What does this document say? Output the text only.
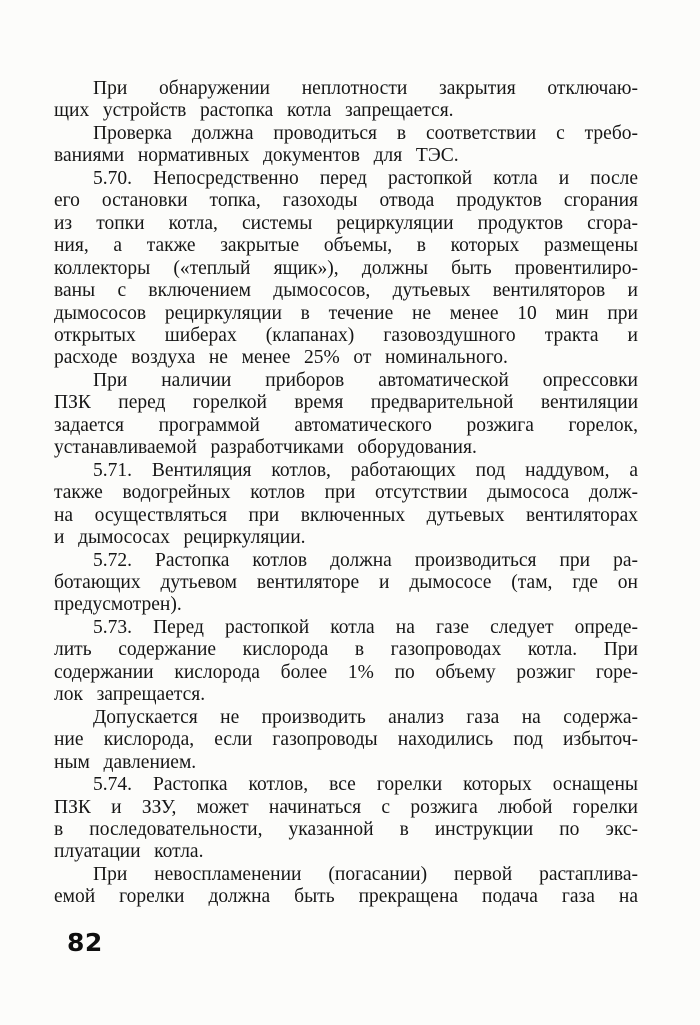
При обнаружении неплотности закрытия отключаю-
щих устройств растопка котла запрещается.
Проверка должна проводиться в соответствии с требо-
ваниями нормативных документов для ТЭС.
5.70. Непосредственно перед растопкой котла и после
его остановки топка, газоходы отвода продуктов сгорания
из топки котла, системы рециркуляции продуктов сгора-
ния, а также закрытые объемы, в которых размещены
коллекторы («теплый ящик»), должны быть провентилиро-
ваны с включением дымососов, дутьевых вентиляторов и
дымососов рециркуляции в течение не менее 10 мин при
открытых шиберах (клапанах) газовоздушного тракта и
расходе воздуха не менее 25% от номинального.
При наличии приборов автоматической опрессовки
ПЗК перед горелкой время предварительной вентиляции
задается программой автоматического розжига горелок,
устанавливаемой разработчиками оборудования.
5.71. Вентиляция котлов, работающих под наддувом, а
также водогрейных котлов при отсутствии дымососа долж-
на осуществляться при включенных дутьевых вентиляторах
и дымососах рециркуляции.
5.72. Растопка котлов должна производиться при ра-
ботающих дутьевом вентиляторе и дымососе (там, где он
предусмотрен).
5.73. Перед растопкой котла на газе следует опреде-
лить содержание кислорода в газопроводах котла. При
содержании кислорода более 1% по объему розжиг горе-
лок запрещается.
Допускается не производить анализ газа на содержа-
ние кислорода, если газопроводы находились под избыточ-
ным давлением.
5.74. Растопка котлов, все горелки которых оснащены
ПЗК и ЗЗУ, может начинаться с розжига любой горелки
в последовательности, указанной в инструкции по экс-
плуатации котла.
При невоспламенении (погасании) первой растаплива-
емой горелки должна быть прекращена подача газа на
82
